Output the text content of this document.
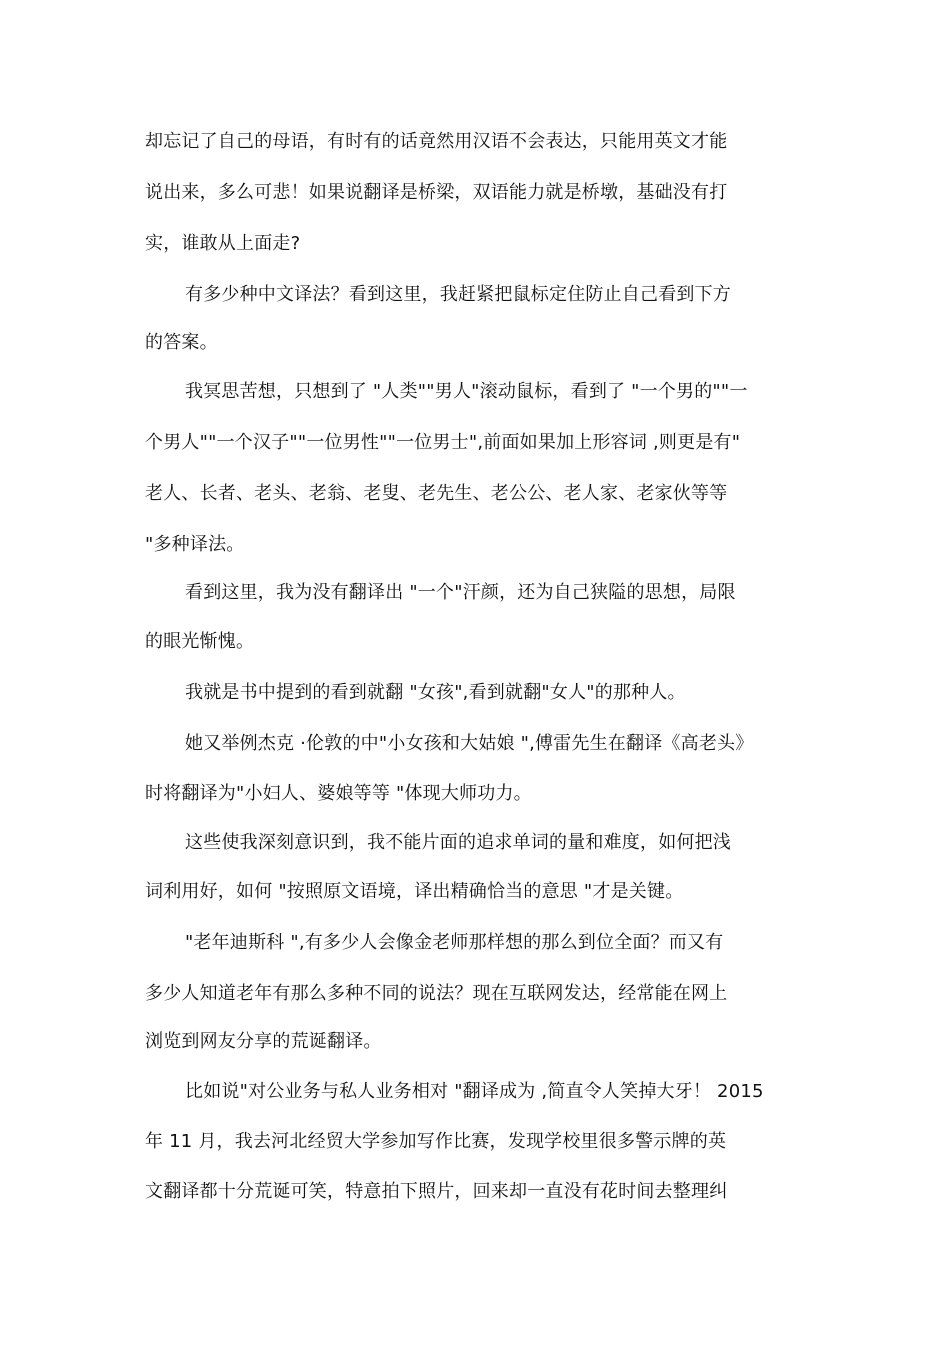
却忘记了自己的母语，有时有的话竟然用汉语不会表达，只能用英文才能
说出来，多么可悲！如果说翻译是桥梁，双语能力就是桥墩，基础没有打
实，谁敢从上面走?
有多少种中文译法？看到这里，我赶紧把鼠标定住防止自己看到下方
的答案。
我冥思苦想，只想到了 "人类""男人"滚动鼠标，看到了 "一个男的""一
个男人""一个汉子""一位男性""一位男士",前面如果加上形容词 ,则更是有"
老人、长者、老头、老翁、老叟、老先生、老公公、老人家、老家伙等等
"多种译法。
看到这里，我为没有翻译出 "一个"汗颜，还为自己狭隘的思想，局限
的眼光惭愧。
我就是书中提到的看到就翻 "女孩",看到就翻"女人"的那种人。
她又举例杰克 ·伦敦的中"小女孩和大姑娘 ",傅雷先生在翻译《高老头》
时将翻译为"小妇人、婆娘等等 "体现大师功力。
这些使我深刻意识到，我不能片面的追求单词的量和难度，如何把浅
词利用好，如何 "按照原文语境，译出精确恰当的意思 "才是关键。
"老年迪斯科 ",有多少人会像金老师那样想的那么到位全面？而又有
多少人知道老年有那么多种不同的说法？现在互联网发达，经常能在网上
浏览到网友分享的荒诞翻译。
比如说"对公业务与私人业务相对 "翻译成为 ,简直令人笑掉大牙！ 2015
年 11 月，我去河北经贸大学参加写作比赛，发现学校里很多警示牌的英
文翻译都十分荒诞可笑，特意拍下照片，回来却一直没有花时间去整理纠
